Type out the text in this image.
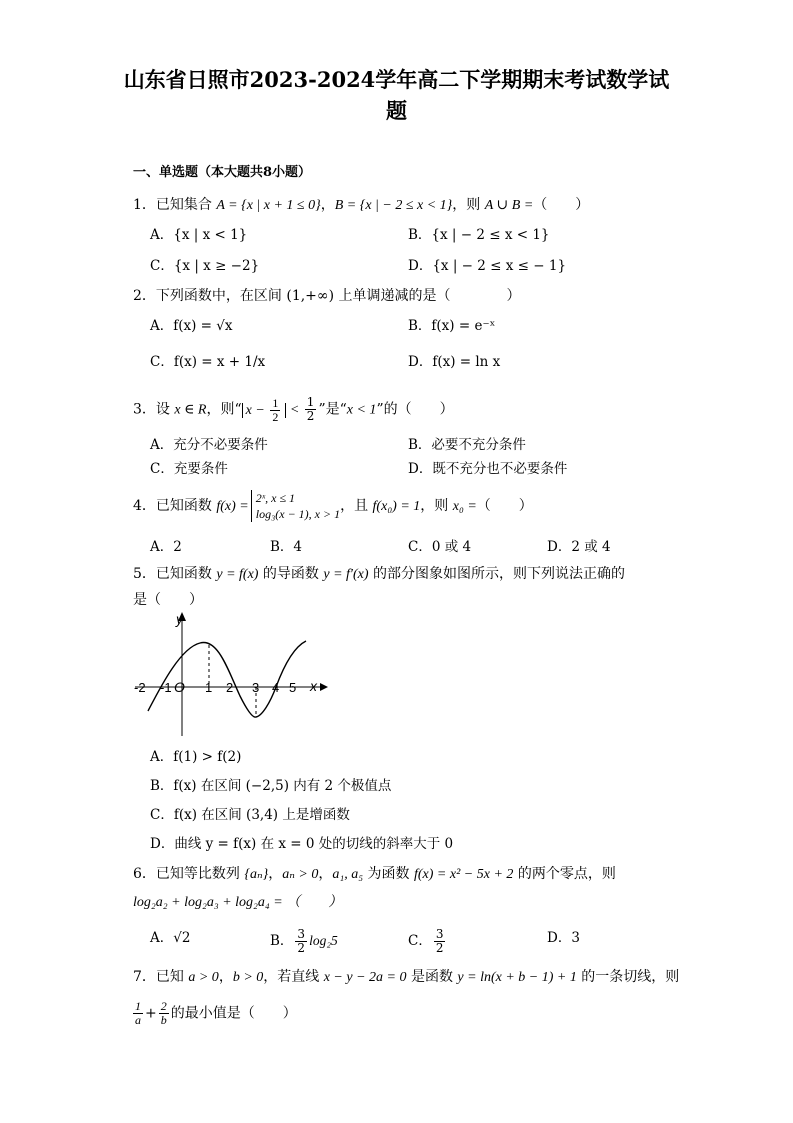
山东省日照市2023-2024学年高二下学期期末考试数学试题
一、单选题（本大题共8小题）
1．已知集合 A = {x | x + 1 ≤ 0}，B = {x | − 2 ≤ x < 1}，则 A ∪ B =（　　）
A．{x | x < 1}	B．{x | − 2 ≤ x < 1}
C．{x | x ≥ −2}	D．{x | − 2 ≤ x ≤ − 1}
2．下列函数中，在区间 (1,+∞) 上单调递减的是（　　　　）
A．f(x) = √x	B．f(x) = e⁻ˣ
C．f(x) = x + 1/x	D．f(x) = ln x
3．设 x ∈ R，则“ $x - \frac{1}{2} < \frac{1}{2}$ ”是“x < 1”的（　　）
A．充分不必要条件	B．必要不充分条件
C．充要条件	D．既不充分也不必要条件
4．已知函数 f(x) =
2ˣ, x ≤ 1
log₃(x − 1), x > 1 ，且 f(x₀) = 1，则 x₀ =（　　）
A．2	B．4	C．0 或 4	D．2 或 4
5．已知函数 y = f(x) 的导函数 y = f′(x) 的部分图象如图所示，则下列说法正确的
是（　　）
y
x
O
-2 -1	1 2 3 4 5
A．f(1) > f(2)
B．f(x) 在区间 (−2,5) 内有 2 个极值点
C．f(x) 在区间 (3,4) 上是增函数
D．曲线 y = f(x) 在 x = 0 处的切线的斜率大于 0
6．已知等比数列 {aₙ}，aₙ > 0，a₁, a₅ 为函数 f(x) = x² − 5x + 2 的两个零点，则
log₂a₂ + log₂a₃ + log₂a₄ = （　　）
A．√2	B． $\frac{3}{2} \log_25$	C． $\frac{3}{2}$	D．3
7．已知 a > 0，b > 0，若直线 x − y − 2a = 0 是函数 y = ln(x + b − 1) + 1 的一条切线，则
$\frac{1}{a} + \frac{2}{b}$ 的最小值是（　　）
